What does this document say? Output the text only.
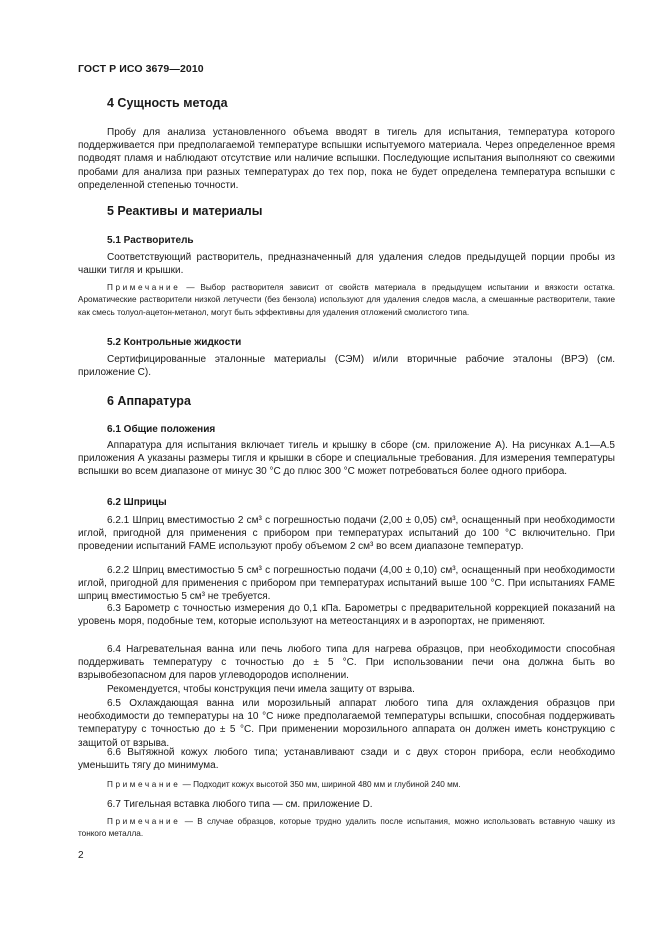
ГОСТ Р ИСО 3679—2010
4 Сущность метода
Пробу для анализа установленного объема вводят в тигель для испытания, температура которого поддерживается при предполагаемой температуре вспышки испытуемого материала. Через определенное время подводят пламя и наблюдают отсутствие или наличие вспышки. Последующие испытания выполняют со свежими пробами для анализа при разных температурах до тех пор, пока не будет определена температура вспышки с определенной степенью точности.
5 Реактивы и материалы
5.1 Растворитель
Соответствующий растворитель, предназначенный для удаления следов предыдущей порции пробы из чашки тигля и крышки.
Примечание — Выбор растворителя зависит от свойств материала в предыдущем испытании и вязкости остатка. Ароматические растворители низкой летучести (без бензола) используют для удаления следов масла, а смешанные растворители, такие как смесь толуол-ацетон-метанол, могут быть эффективны для удаления отложений смолистого типа.
5.2 Контрольные жидкости
Сертифицированные эталонные материалы (СЭМ) и/или вторичные рабочие эталоны (ВРЭ) (см. приложение С).
6 Аппаратура
6.1 Общие положения
Аппаратура для испытания включает тигель и крышку в сборе (см. приложение А). На рисунках А.1—А.5 приложения А указаны размеры тигля и крышки в сборе и специальные требования. Для измерения температуры вспышки во всем диапазоне от минус 30 °С до плюс 300 °С может потребоваться более одного прибора.
6.2 Шприцы
6.2.1 Шприц вместимостью 2 см³ с погрешностью подачи (2,00 ± 0,05) см³, оснащенный при необходимости иглой, пригодной для применения с прибором при температурах испытаний до 100 °С включительно. При проведении испытаний FAME используют пробу объемом 2 см³ во всем диапазоне температур.
6.2.2 Шприц вместимостью 5 см³ с погрешностью подачи (4,00 ± 0,10) см³, оснащенный при необходимости иглой, пригодной для применения с прибором при температурах испытаний выше 100 °С. При испытаниях FAME шприц вместимостью 5 см³ не требуется.
6.3 Барометр с точностью измерения до 0,1 кПа. Барометры с предварительной коррекцией показаний на уровень моря, подобные тем, которые используют на метеостанциях и в аэропортах, не применяют.
6.4 Нагревательная ванна или печь любого типа для нагрева образцов, при необходимости способная поддерживать температуру с точностью до ± 5 °С. При использовании печи она должна быть во взрывобезопасном для паров углеводородов исполнении.
Рекомендуется, чтобы конструкция печи имела защиту от взрыва.
6.5 Охлаждающая ванна или морозильный аппарат любого типа для охлаждения образцов при необходимости до температуры на 10 °С ниже предполагаемой температуры вспышки, способная поддерживать температуру с точностью до ± 5 °С. При применении морозильного аппарата он должен иметь конструкцию с защитой от взрыва.
6.6 Вытяжной кожух любого типа; устанавливают сзади и с двух сторон прибора, если необходимо уменьшить тягу до минимума.
Примечание — Подходит кожух высотой 350 мм, шириной 480 мм и глубиной 240 мм.
6.7 Тигельная вставка любого типа — см. приложение D.
Примечание — В случае образцов, которые трудно удалить после испытания, можно использовать вставную чашку из тонкого металла.
2
